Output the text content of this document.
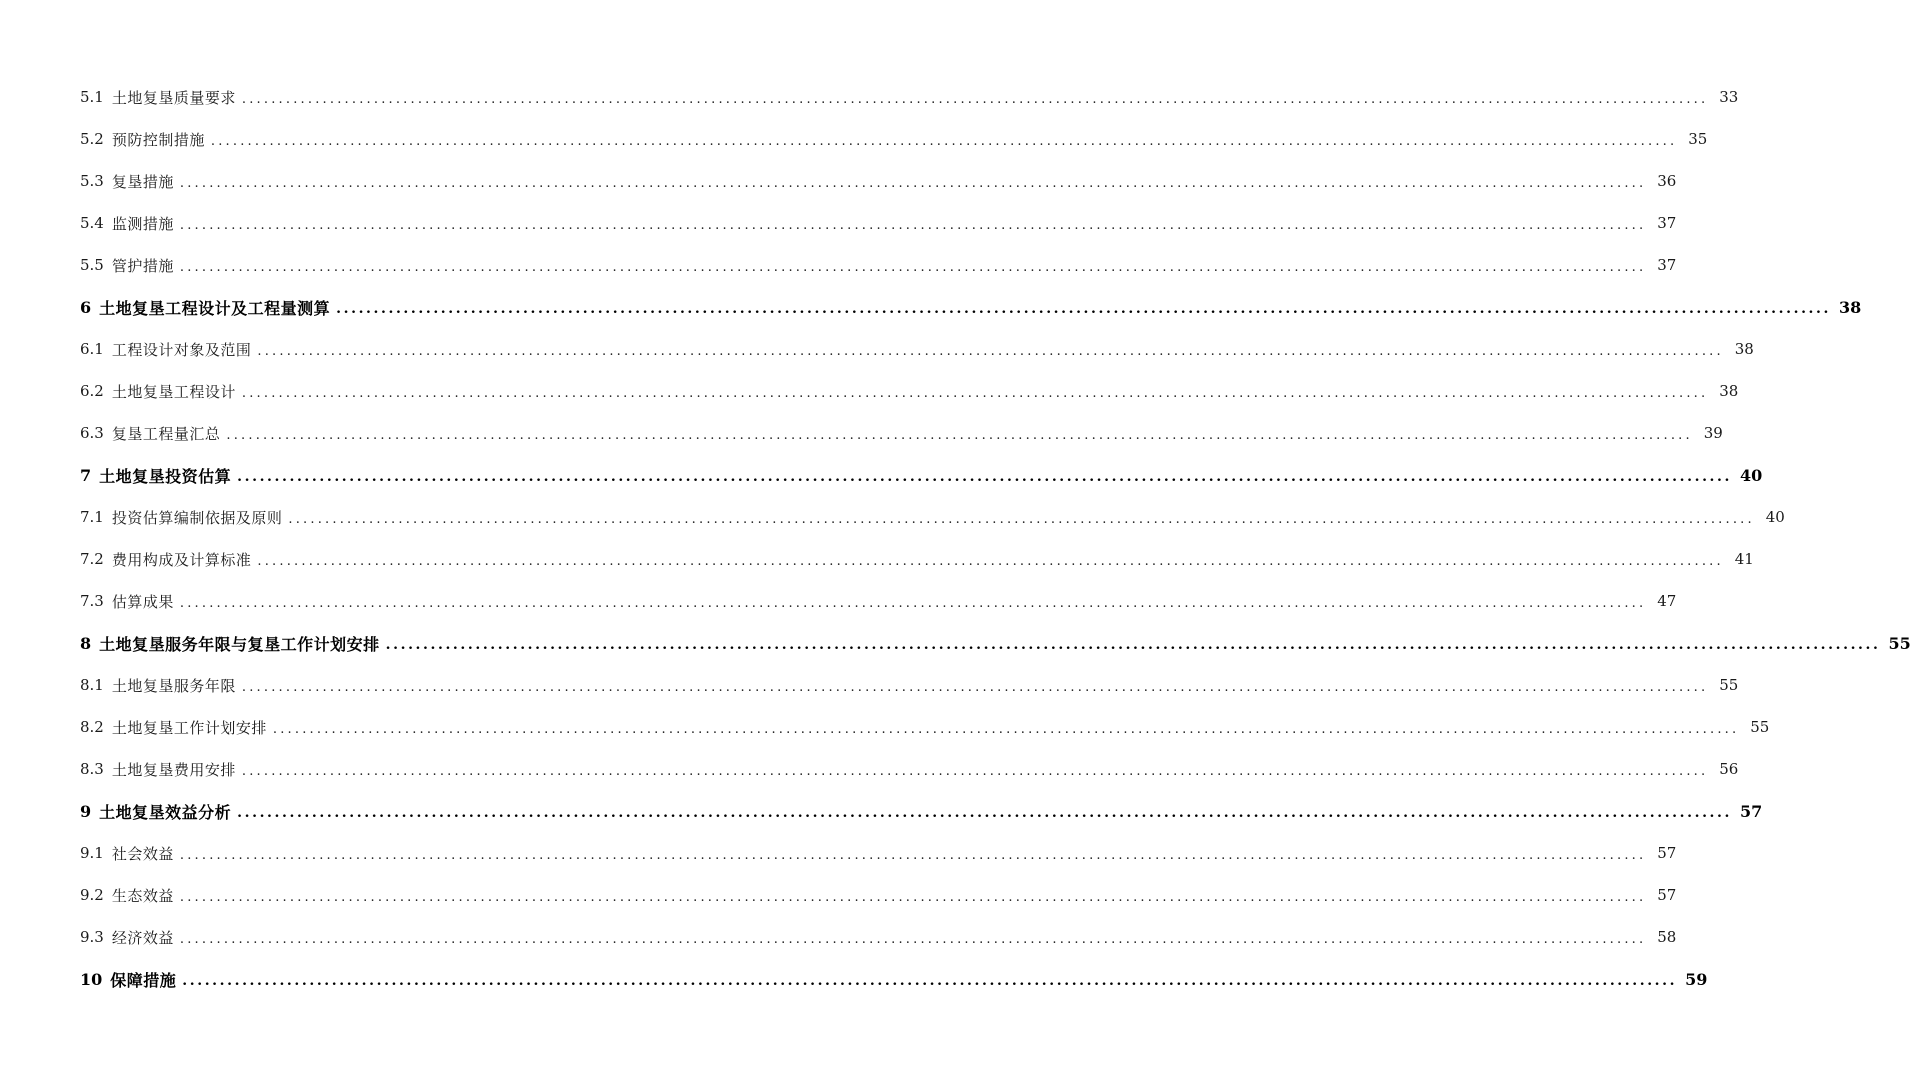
5.1 土地复垦质量要求 ........................................................................................................................................................................................................ 33
5.2 预防控制措施 ........................................................................................................................................................................................................ 35
5.3 复垦措施 ........................................................................................................................................................................................................ 36
5.4 监测措施 ........................................................................................................................................................................................................ 37
5.5 管护措施 ........................................................................................................................................................................................................ 37
6 土地复垦工程设计及工程量测算 ........................................................................................................................................................................................................ 38
6.1 工程设计对象及范围 ........................................................................................................................................................................................................ 38
6.2 土地复垦工程设计 ........................................................................................................................................................................................................ 38
6.3 复垦工程量汇总 ........................................................................................................................................................................................................ 39
7 土地复垦投资估算 ........................................................................................................................................................................................................ 40
7.1 投资估算编制依据及原则 ........................................................................................................................................................................................................ 40
7.2 费用构成及计算标准 ........................................................................................................................................................................................................ 41
7.3 估算成果 ........................................................................................................................................................................................................ 47
8 土地复垦服务年限与复垦工作计划安排 ........................................................................................................................................................................................................ 55
8.1 土地复垦服务年限 ........................................................................................................................................................................................................ 55
8.2 土地复垦工作计划安排 ........................................................................................................................................................................................................ 55
8.3 土地复垦费用安排 ........................................................................................................................................................................................................ 56
9 土地复垦效益分析 ........................................................................................................................................................................................................ 57
9.1 社会效益 ........................................................................................................................................................................................................ 57
9.2 生态效益 ........................................................................................................................................................................................................ 57
9.3 经济效益 ........................................................................................................................................................................................................ 58
10 保障措施 ........................................................................................................................................................................................................ 59
